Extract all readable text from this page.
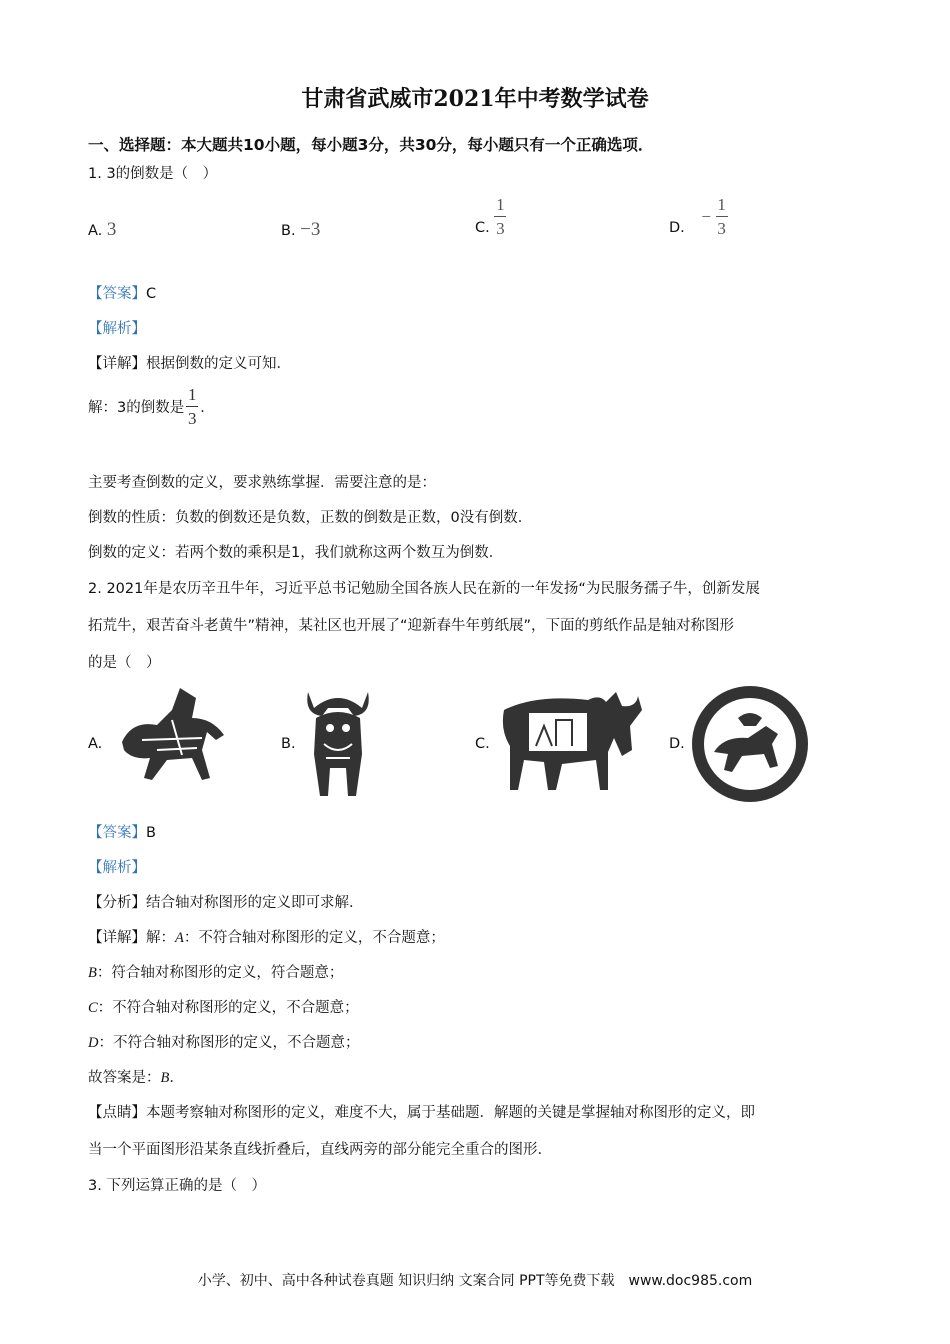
甘肃省武威市2021年中考数学试卷
一、选择题：本大题共10小题，每小题3分，共30分，每小题只有一个正确选项．
1. 3的倒数是（　）
A. 3	B. −3	C. $\frac{1}{3}$	D. − $\frac{1}{3}$
【答案】C
【解析】
【详解】根据倒数的定义可知．
解：3的倒数是 $\frac{1}{3}$ ．
主要考查倒数的定义，要求熟练掌握．需要注意的是：
倒数的性质：负数的倒数还是负数，正数的倒数是正数，0没有倒数．
倒数的定义：若两个数的乘积是1，我们就称这两个数互为倒数．
2. 2021年是农历辛丑牛年，习近平总书记勉励全国各族人民在新的一年发扬“为民服务孺子牛，创新发展
拓荒牛，艰苦奋斗老黄牛”精神，某社区也开展了“迎新春牛年剪纸展”，下面的剪纸作品是轴对称图形
的是（　）
A.	B.	C.	D.
【答案】B
【解析】
【分析】结合轴对称图形的定义即可求解．
【详解】解：A：不符合轴对称图形的定义，不合题意；
B：符合轴对称图形的定义，符合题意；
C：不符合轴对称图形的定义，不合题意；
D：不符合轴对称图形的定义，不合题意；
故答案是：B．
【点睛】本题考察轴对称图形的定义，难度不大，属于基础题．解题的关键是掌握轴对称图形的定义，即
当一个平面图形沿某条直线折叠后，直线两旁的部分能完全重合的图形．
3. 下列运算正确的是（　）
小学、初中、高中各种试卷真题 知识归纳 文案合同 PPT等免费下载　www.doc985.com
